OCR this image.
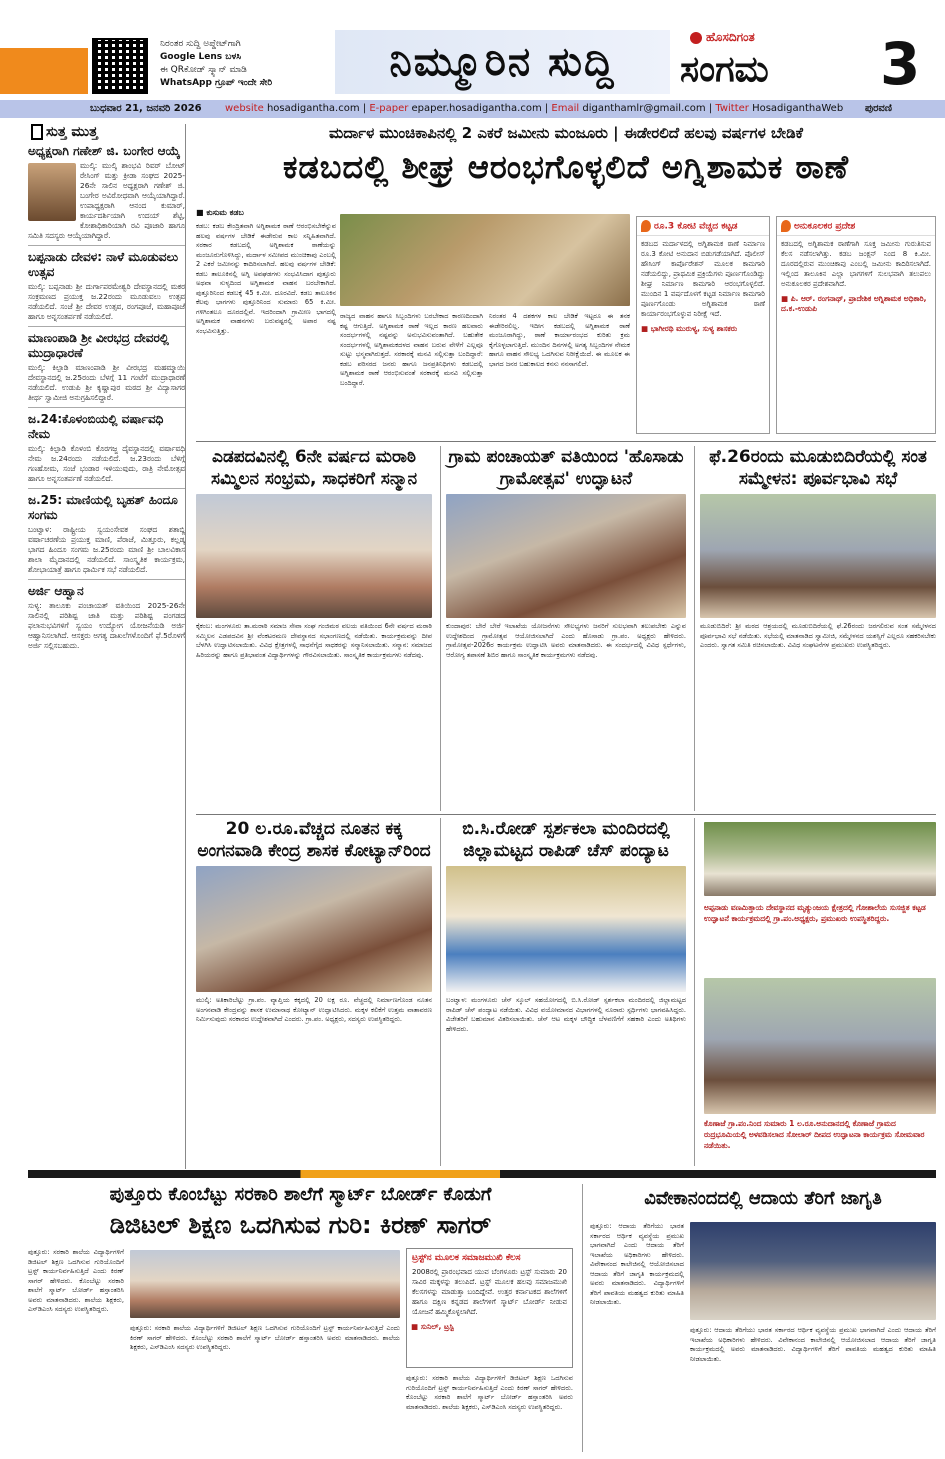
ನಿರಂತರ ಸುದ್ದಿ ಅಪ್ಡೇಟ್‌ಗಾಗಿ
Google Lens ಬಳಸಿ
ಈ QRಕೋಡ್ ಸ್ಕ್ಯಾನ್ ಮಾಡಿ
WhatsApp ಗ್ರೂಪ್ ಇಂದೇ ಸೇರಿ	ನಿಮ್ಮೂರಿನ ಸುದ್ದಿ
ಹೊಸದಿಗಂತ
ಸಂಗಮ 3
ಬುಧವಾರ 21, ಜನವರಿ 2026 website hosadigantha.com | E-paper epaper.hosadigantha.com | Email diganthamlr@gmail.com | Twitter HosadiganthaWeb ಪುರವಣಿ
ಸುತ್ತ ಮುತ್ತ
ಅಧ್ಯಕ್ಷರಾಗಿ ಗಣೇಶ್ ಜಿ. ಬಂಗೇರ ಆಯ್ಕೆ
ಮುಲ್ಕಿ: ಮುಲ್ಕಿ ಶಾಂಭವಿ ರಿವರ್ ಬೋಟ್ ರೇಸಿಂಗ್ ಮತ್ತು ಕ್ರೀಡಾ ಸಂಘದ 2025-26ನೇ ಸಾಲಿನ ಅಧ್ಯಕ್ಷರಾಗಿ ಗಣೇಶ್ ಜಿ. ಬಂಗೇರ ಅವಿರೋಧವಾಗಿ ಆಯ್ಕೆಯಾಗಿದ್ದಾರೆ. ಉಪಾಧ್ಯಕ್ಷರಾಗಿ ಆನಂದ ಕುಮಾರ್, ಕಾರ್ಯದರ್ಶಿಯಾಗಿ ಉದಯ್ ಶೆಟ್ಟಿ, ಕೋಶಾಧಿಕಾರಿಯಾಗಿ ರವಿ ಪೂಜಾರಿ ಹಾಗೂ ಸಮಿತಿ ಸದಸ್ಯರು ಆಯ್ಕೆಯಾಗಿದ್ದಾರೆ.
ಬಪ್ಪನಾಡು ದೇವಳ: ನಾಳೆ ಮೂಡುವಲು ಉತ್ಸವ
ಮುಲ್ಕಿ: ಬಪ್ಪನಾಡು ಶ್ರೀ ದುರ್ಗಾಪರಮೇಶ್ವರಿ ದೇವಸ್ಥಾನದಲ್ಲಿ ಮಕರ ಸಂಕ್ರಮಣದ ಪ್ರಯುಕ್ತ ಜ.22ರಂದು ಮೂಡುವಲು ಉತ್ಸವ ನಡೆಯಲಿದೆ. ಸಂಜೆ ಶ್ರೀ ದೇವರ ಉತ್ಸವ, ರಂಗಪೂಜೆ, ಮಹಾಪೂಜೆ ಹಾಗೂ ಅನ್ನಸಂತರ್ಪಣೆ ನಡೆಯಲಿದೆ.
ಮಾಣಂಪಾಡಿ ಶ್ರೀ ವೀರಭದ್ರ ದೇವರಲ್ಲಿ ಮುದ್ರಾಧಾರಣೆ
ಮುಲ್ಕಿ: ಕಿಲ್ಪಾಡಿ ಮಾಣಂಪಾಡಿ ಶ್ರೀ ವೀರಭದ್ರ ಮಹಮ್ಮಾಯಿ ದೇವಸ್ಥಾನದಲ್ಲಿ ಜ.25ರಂದು ಬೆಳಗ್ಗೆ 11 ಗಂಟೆಗೆ ಮುದ್ರಾಧಾರಣೆ ನಡೆಯಲಿದೆ. ಉಡುಪಿ ಶ್ರೀ ಕೃಷ್ಣಾಪುರ ಮಠದ ಶ್ರೀ ವಿದ್ಯಾಸಾಗರ ತೀರ್ಥ ಸ್ವಾಮೀಜಿ ಅನುಗ್ರಹಿಸಲಿದ್ದಾರೆ.
ಜ.24:ಕೊಳಂಬಿಯಲ್ಲಿ ವರ್ಷಾವಧಿ ನೇಮ
ಮುಲ್ಕಿ: ಕಿಲ್ಪಾಡಿ ಕೊಳಂಬಿ ಕೊರಗಜ್ಜ ದೈವಸ್ಥಾನದಲ್ಲಿ ವರ್ಷಾವಧಿ ನೇಮ ಜ.24ರಂದು ನಡೆಯಲಿದೆ. ಜ.23ರಂದು ಬೆಳಿಗ್ಗೆ ಗಣಹೋಮ, ಸಂಜೆ ಭಂಡಾರ ಇಳಿಯುವುದು, ರಾತ್ರಿ ನೇಮೋತ್ಸವ ಹಾಗೂ ಅನ್ನಸಂತರ್ಪಣೆ ನಡೆಯಲಿದೆ.
ಜ.25: ಮಾಣಿಯಲ್ಲಿ ಬೃಹತ್ ಹಿಂದೂ ಸಂಗಮ
ಬಂಟ್ವಾಳ: ರಾಷ್ಟ್ರೀಯ ಸ್ವಯಂಸೇವಕ ಸಂಘದ ಶತಾಬ್ದಿ ವರ್ಷಾಚರಣೆಯ ಪ್ರಯುಕ್ತ ಮಾಣಿ, ಪೆರಾಜೆ, ಮಿತ್ತೂರು, ಕಲ್ಲಡ್ಕ ಭಾಗದ ಹಿಂದೂ ಸಂಗಮ ಜ.25ರಂದು ಮಾಣಿ ಶ್ರೀ ಬಾಲವಿಕಾಸ ಶಾಲಾ ಮೈದಾನದಲ್ಲಿ ನಡೆಯಲಿದೆ. ಸಾಂಸ್ಕೃತಿಕ ಕಾರ್ಯಕ್ರಮ, ಶೋಭಾಯಾತ್ರೆ ಹಾಗೂ ಧಾರ್ಮಿಕ ಸಭೆ ನಡೆಯಲಿದೆ.
ಅರ್ಜಿ ಆಹ್ವಾನ
ಸುಳ್ಯ: ತಾಲೂಕು ಪಂಚಾಯತ್ ವತಿಯಿಂದ 2025-26ನೇ ಸಾಲಿನಲ್ಲಿ ಪರಿಶಿಷ್ಟ ಜಾತಿ ಮತ್ತು ಪರಿಶಿಷ್ಟ ಪಂಗಡದ ಫಲಾನುಭವಿಗಳಿಗೆ ಸ್ವಯಂ ಉದ್ಯೋಗ ಯೋಜನೆಯಡಿ ಅರ್ಜಿ ಆಹ್ವಾನಿಸಲಾಗಿದೆ. ಆಸಕ್ತರು ಅಗತ್ಯ ದಾಖಲೆಗಳೊಂದಿಗೆ ಫೆ.5ರೊಳಗೆ ಅರ್ಜಿ ಸಲ್ಲಿಸಬಹುದು.
ಮರ್ದಾಳ ಮುಂಚಿಕಾಪಿನಲ್ಲಿ 2 ಎಕರೆ ಜಮೀನು ಮಂಜೂರು | ಈಡೇರಲಿದೆ ಹಲವು ವರ್ಷಗಳ ಬೇಡಿಕೆ
ಕಡಬದಲ್ಲಿ ಶೀಘ್ರ ಆರಂಭಗೊಳ್ಳಲಿದೆ ಅಗ್ನಿಶಾಮಕ ಠಾಣೆ
■ ಕುಸುಮ ಕಡಬ
ಕಡಬ: ಕಡಬ ಕೇಂದ್ರಿತವಾಗಿ ಅಗ್ನಿಶಾಮಕ ಠಾಣೆ ಆರಂಭಿಸಬೇಕೆನ್ನುವ ಹಲವು ವರ್ಷಗಳ ಬೇಡಿಕೆ ಈಡೇರುವ ಕಾಲ ಸನ್ನಿಹಿತವಾಗಿದೆ. ಸರಕಾರ ಕಡಬದಲ್ಲಿ ಅಗ್ನಿಶಾಮಕ ಠಾಣೆಯನ್ನು ಮಂಜೂರುಗೊಳಿಸಿದ್ದು, ಮರ್ದಾಳ ಸಮೀಪದ ಮುಂಚಿಕಾಪು ಎಂಬಲ್ಲಿ 2 ಎಕರೆ ಜಮೀನನ್ನು ಕಾದಿರಿಸಲಾಗಿದೆ. ಹಲವು ವರ್ಷಗಳ ಬೇಡಿಕೆ: ಕಡಬ ತಾಲೂಕಿನಲ್ಲಿ ಅಗ್ನಿ ಅವಘಡಗಳು ಸಂಭವಿಸಿದಾಗ ಪುತ್ತೂರು ಅಥವಾ ಸುಳ್ಯದಿಂದ ಅಗ್ನಿಶಾಮಕ ವಾಹನ ಬರಬೇಕಾಗಿದೆ. ಪುತ್ತೂರಿನಿಂದ ಕಡಬಕ್ಕೆ 45 ಕಿ.ಮೀ. ದೂರವಿದೆ. ಕಡಬ ತಾಲೂಕಿನ ಕೆಲವು ಭಾಗಗಳು ಪುತ್ತೂರಿನಿಂದ ಸುಮಾರು 65 ಕಿ.ಮೀ. ಗಳಿಗಿಂತಲೂ ದೂರದಲ್ಲಿವೆ. ಇದರಿಂದಾಗಿ ಗ್ರಾಮೀಣ ಭಾಗದಲ್ಲಿ ಅಗ್ನಿಶಾಮಕ ವಾಹನಗಳು ಬರುವಷ್ಟರಲ್ಲಿ ಅಪಾರ ನಷ್ಟ ಸಂಭವಿಸುತ್ತಿತ್ತು.
ರಾಜ್ಯದ ವಾಹನ ಹಾಗೂ ಸಿಬ್ಬಂದಿಗಳು ಬರಬೇಕಾದ ಕಾರಣದಿಂದಾಗಿ ಕಷ್ಟ ಆಗುತ್ತಿದೆ. ಅಗ್ನಿಶಾಮಕ ಠಾಣೆ ಇಲ್ಲದ ಕಾರಣ ಹಲವಾರು ಸಂದರ್ಭಗಳಲ್ಲಿ ನಷ್ಟವನ್ನು ಅನುಭವಿಸುವಂತಾಗಿದೆ. ಬಹುತೇಕ ಸಂದರ್ಭಗಳಲ್ಲಿ ಅಗ್ನಿಶಾಮಕದಳದ ವಾಹನ ಬರುವ ವೇಳೆಗೆ ಎಲ್ಲವೂ ಸುಟ್ಟು ಭಸ್ಮವಾಗಿರುತ್ತದೆ. ಸರಕಾರಕ್ಕೆ ಮನವಿ ಸಲ್ಲಿಸುತ್ತಾ ಬಂದಿದ್ದಾರೆ: ಕಡಬ ಪರಿಸರದ ಜನರು ಹಾಗೂ ಜನಪ್ರತಿನಿಧಿಗಳು ಕಡಬದಲ್ಲಿ ಅಗ್ನಿಶಾಮಕ ಠಾಣೆ ಆರಂಭಿಸುವಂತೆ ಸರಕಾರಕ್ಕೆ ಮನವಿ ಸಲ್ಲಿಸುತ್ತಾ ಬಂದಿದ್ದಾರೆ.
ನಿರಂತರ 4 ದಶಕಗಳ ಕಾಲ ಬೇಡಿಕೆ ಇಟ್ಟರೂ ಈ ತನಕ ಈಡೇರಿರಲಿಲ್ಲ. ಇದೀಗ ಕಡಬದಲ್ಲಿ ಅಗ್ನಿಶಾಮಕ ಠಾಣೆ ಮಂಜೂರಾಗಿದ್ದು, ಠಾಣೆ ಕಾರ್ಯಾರಂಭದ ಕುರಿತು ಕ್ರಮ ಕೈಗೊಳ್ಳಲಾಗುತ್ತಿದೆ. ಮುಂದಿನ ದಿನಗಳಲ್ಲಿ ಅಗತ್ಯ ಸಿಬ್ಬಂದಿಗಳ ನೇಮಕ ಹಾಗೂ ವಾಹನ ಸೌಲಭ್ಯ ಒದಗಿಸುವ ನಿರೀಕ್ಷೆಯಿದೆ. ಈ ಮೂಲಕ ಈ ಭಾಗದ ಜನರ ಬಹುಕಾಲದ ಕನಸು ನನಸಾಗಲಿದೆ.
ರೂ.3 ಕೋಟಿ ವೆಚ್ಚದ ಕಟ್ಟಡ
ಕಡಬದ ಮರ್ದಾಳದಲ್ಲಿ ಅಗ್ನಿಶಾಮಕ ಠಾಣೆ ನಿರ್ಮಾಣ ರೂ.3 ಕೋಟಿ ಅನುದಾನ ಬಿಡುಗಡೆಯಾಗಿದೆ. ಪೊಲೀಸ್ ಹೌಸಿಂಗ್ ಕಾರ್ಪೊರೇಶನ್ ಮೂಲಕ ಕಾಮಗಾರಿ ನಡೆಯಲಿದ್ದು, ಪ್ರಾಥಮಿಕ ಪ್ರಕ್ರಿಯೆಗಳು ಪೂರ್ಣಗೊಂಡಿದ್ದು ಶೀಘ್ರ ನಿರ್ಮಾಣ ಕಾಮಗಾರಿ ಆರಂಭಗೊಳ್ಳಲಿದೆ. ಮುಂದಿನ 1 ವರ್ಷದೊಳಗೆ ಕಟ್ಟಡ ನಿರ್ಮಾಣ ಕಾಮಗಾರಿ ಪೂರ್ಣಗೊಂಡು ಅಗ್ನಿಶಾಮಕ ಠಾಣೆ ಕಾರ್ಯಾರಂಭಗೊಳ್ಳುವ ನಿರೀಕ್ಷೆ ಇದೆ.
■ ಭಾಗೀರಥಿ ಮುರುಳ್ಯ, ಸುಳ್ಯ ಶಾಸಕರು
ಅನುಕೂಲಕರ ಪ್ರದೇಶ
ಕಡಬದಲ್ಲಿ ಅಗ್ನಿಶಾಮಕ ಠಾಣೆಗಾಗಿ ಸೂಕ್ತ ಜಮೀನು ಗುರುತಿಸುವ ಕೆಲಸ ನಡೆಸಲಾಗಿತ್ತು. ಕಡಬ ಜಂಕ್ಷನ್ ನಿಂದ 8 ಕಿ.ಮೀ. ದೂರದಲ್ಲಿರುವ ಮುಂಚಿಕಾಪು ಎಂಬಲ್ಲಿ ಜಮೀನು ಕಾದಿರಿಸಲಾಗಿದೆ. ಇಲ್ಲಿಂದ ತಾಲೂಕಿನ ಎಲ್ಲಾ ಭಾಗಗಳಿಗೆ ಸುಲಭವಾಗಿ ತಲುಪಲು ಅನುಕೂಲಕರ ಪ್ರದೇಶವಾಗಿದೆ.
■ ಪಿ. ಆರ್. ರಂಗನಾಥ್, ಪ್ರಾದೇಶಿಕ ಅಗ್ನಿಶಾಮಕ ಅಧಿಕಾರಿ, ದ.ಕ.-ಉಡುಪಿ
ಎಡಪದವಿನಲ್ಲಿ 6ನೇ ವರ್ಷದ ಮರಾಠಿ ಸಮ್ಮಿಲನ ಸಂಭ್ರಮ, ಸಾಧಕರಿಗೆ ಸನ್ಮಾನ
ಕೈಕಂಬ: ಮಂಗಳೂರು ತಾ.ಮರಾಠಿ ಸಮಾಜ ಸೇವಾ ಸಂಘ ಗಂಜಿಮಠ ವಲಯ ವತಿಯಿಂದ 6ನೇ ವರ್ಷದ ಮರಾಠಿ ಸಮ್ಮಿಲನ ಎಡಪದವಿನ ಶ್ರೀ ವೆಂಕಟರಮಣ ದೇವಸ್ಥಾನದ ಸಭಾಂಗಣದಲ್ಲಿ ನಡೆಯಿತು. ಕಾರ್ಯಕ್ರಮವನ್ನು ದೀಪ ಬೆಳಗಿಸಿ ಉದ್ಘಾಟಿಸಲಾಯಿತು. ವಿವಿಧ ಕ್ಷೇತ್ರಗಳಲ್ಲಿ ಸಾಧನೆಗೈದ ಸಾಧಕರನ್ನು ಸನ್ಮಾನಿಸಲಾಯಿತು. ಸನ್ಮಾನ: ಸಮಾಜದ ಹಿರಿಯರನ್ನು ಹಾಗೂ ಪ್ರತಿಭಾವಂತ ವಿದ್ಯಾರ್ಥಿಗಳನ್ನು ಗೌರವಿಸಲಾಯಿತು. ಸಾಂಸ್ಕೃತಿಕ ಕಾರ್ಯಕ್ರಮಗಳು ನಡೆದವು.
ಗ್ರಾಮ ಪಂಚಾಯತ್ ವತಿಯಿಂದ 'ಹೊಸಾಡು ಗ್ರಾಮೋತ್ಸವ' ಉದ್ಘಾಟನೆ
ಕುಂದಾಪುರ: ಬೇರೆ ಬೇರೆ ಇಲಾಖೆಯ ಯೋಜನೆಗಳು ಸೌಲಭ್ಯಗಳು ಜನರಿಗೆ ಸುಲಭವಾಗಿ ತಲುಪಬೇಕು ಎನ್ನುವ ಉದ್ದೇಶದಿಂದ ಗ್ರಾಮೋತ್ಸವ ಆಯೋಜಿಸಲಾಗಿದೆ ಎಂದು ಹೊಸಾಡು ಗ್ರಾ.ಪಂ. ಅಧ್ಯಕ್ಷರು ಹೇಳಿದರು. ಗ್ರಾಮೋತ್ಸವ-2026ರ ಕಾರ್ಯಕ್ರಮ ಉದ್ಘಾಟಿಸಿ ಅವರು ಮಾತನಾಡಿದರು. ಈ ಸಂದರ್ಭದಲ್ಲಿ ವಿವಿಧ ಸ್ಪರ್ಧೆಗಳು, ಆರೋಗ್ಯ ತಪಾಸಣೆ ಶಿಬಿರ ಹಾಗೂ ಸಾಂಸ್ಕೃತಿಕ ಕಾರ್ಯಕ್ರಮಗಳು ನಡೆದವು.
ಫೆ.26ರಂದು ಮೂಡುಬಿದಿರೆಯಲ್ಲಿ ಸಂತ ಸಮ್ಮೇಳನ: ಪೂರ್ವಭಾವಿ ಸಭೆ
ಮೂಡುಬಿದಿರೆ: ಶ್ರೀ ಮಠದ ಆಶ್ರಯದಲ್ಲಿ ಮೂಡುಬಿದಿರೆಯಲ್ಲಿ ಫೆ.26ರಂದು ಜರಗಲಿರುವ ಸಂತ ಸಮ್ಮೇಳನದ ಪೂರ್ವಭಾವಿ ಸಭೆ ನಡೆಯಿತು. ಸಭೆಯಲ್ಲಿ ಮಾತನಾಡಿದ ಸ್ವಾಮೀಜಿ, ಸಮ್ಮೇಳನದ ಯಶಸ್ಸಿಗೆ ಎಲ್ಲರೂ ಸಹಕರಿಸಬೇಕು ಎಂದರು. ಸ್ವಾಗತ ಸಮಿತಿ ರಚಿಸಲಾಯಿತು. ವಿವಿಧ ಸಂಘಟನೆಗಳ ಪ್ರಮುಖರು ಉಪಸ್ಥಿತರಿದ್ದರು.
20 ಲ.ರೂ.ವೆಚ್ಚದ ನೂತನ ಕಕ್ಕ ಅಂಗನವಾಡಿ ಕೇಂದ್ರ ಶಾಸಕ ಕೋಟ್ಯಾನ್‌ರಿಂದ
ಮುಲ್ಕಿ: ಅತಿಕಾರಿಬೆಟ್ಟು ಗ್ರಾ.ಪಂ. ವ್ಯಾಪ್ತಿಯ ಕಕ್ಕದಲ್ಲಿ 20 ಲಕ್ಷ ರೂ. ವೆಚ್ಚದಲ್ಲಿ ನಿರ್ಮಾಣಗೊಂಡ ನೂತನ ಅಂಗನವಾಡಿ ಕೇಂದ್ರವನ್ನು ಶಾಸಕ ಉಮಾನಾಥ ಕೋಟ್ಯಾನ್ ಉದ್ಘಾಟಿಸಿದರು. ಮಕ್ಕಳ ಕಲಿಕೆಗೆ ಉತ್ತಮ ವಾತಾವರಣ ನಿರ್ಮಿಸುವುದು ಸರಕಾರದ ಉದ್ದೇಶವಾಗಿದೆ ಎಂದರು. ಗ್ರಾ.ಪಂ. ಅಧ್ಯಕ್ಷರು, ಸದಸ್ಯರು ಉಪಸ್ಥಿತರಿದ್ದರು.
ಬಿ.ಸಿ.ರೋಡ್ ಸ್ಪರ್ಶಕಲಾ ಮಂದಿರದಲ್ಲಿ ಜಿಲ್ಲಾಮಟ್ಟದ ರಾಪಿಡ್ ಚೆಸ್ ಪಂದ್ಯಾಟ
ಬಂಟ್ವಾಳ: ಮಂಗಳೂರು ಚೆಸ್ ಸ್ಕೂಲ್ ಸಹಯೋಗದಲ್ಲಿ ಬಿ.ಸಿ.ರೋಡ್ ಸ್ಪರ್ಶಕಲಾ ಮಂದಿರದಲ್ಲಿ ಜಿಲ್ಲಾಮಟ್ಟದ ರಾಪಿಡ್ ಚೆಸ್ ಪಂದ್ಯಾಟ ನಡೆಯಿತು. ವಿವಿಧ ವಯೋಮಾನದ ವಿಭಾಗಗಳಲ್ಲಿ ನೂರಾರು ಸ್ಪರ್ಧಿಗಳು ಭಾಗವಹಿಸಿದ್ದರು. ವಿಜೇತರಿಗೆ ಬಹುಮಾನ ವಿತರಿಸಲಾಯಿತು. ಚೆಸ್ ಆಟ ಮಕ್ಕಳ ಬೌದ್ಧಿಕ ಬೆಳವಣಿಗೆಗೆ ಸಹಕಾರಿ ಎಂದು ಅತಿಥಿಗಳು ಹೇಳಿದರು.
ಅಪ್ಪನಾಡು ವಣಮಿತ್ತಾಯ ದೇವಸ್ಥಾನದ ಮೃತ್ಯುಂಜಯ ಕ್ಷೇತ್ರದಲ್ಲಿ ಗೋಶಾಲೆಯ ಸುಸಜ್ಜಿತ ಕಟ್ಟಡ ಉದ್ಘಾಟನೆ ಕಾರ್ಯಕ್ರಮದಲ್ಲಿ ಗ್ರಾ.ಪಂ.ಅಧ್ಯಕ್ಷರು, ಪ್ರಮುಖರು ಉಪಸ್ಥಿತರಿದ್ದರು.
ಕೊಣಾಜೆ ಗ್ರಾ.ಪಂ.ನಿಂದ ಸುಮಾರು 1 ಲ.ರೂ.ಅನುದಾನದಲ್ಲಿ ಕೊಣಾಜೆ ಗ್ರಾಮದ ರುದ್ರಭೂಮಿಯಲ್ಲಿ ಅಳವಡಿಸಲಾದ ಸೋಲಾರ್ ದೀಪದ ಉದ್ಘಾಟನಾ ಕಾರ್ಯಕ್ರಮ ಸೋಮವಾರ ನಡೆಯಿತು.
ಪುತ್ತೂರು ಕೊಂಬೆಟ್ಟು ಸರಕಾರಿ ಶಾಲೆಗೆ ಸ್ಮಾರ್ಟ್ ಬೋರ್ಡ್ ಕೊಡುಗೆ
ಡಿಜಿಟಲ್ ಶಿಕ್ಷಣ ಒದಗಿಸುವ ಗುರಿ: ಕಿರಣ್ ಸಾಗರ್
ಪುತ್ತೂರು: ಸರಕಾರಿ ಶಾಲೆಯ ವಿದ್ಯಾರ್ಥಿಗಳಿಗೆ ಡಿಜಿಟಲ್ ಶಿಕ್ಷಣ ಒದಗಿಸುವ ಗುರಿಯೊಂದಿಗೆ ಟ್ರಸ್ಟ್ ಕಾರ್ಯನಿರ್ವಹಿಸುತ್ತಿದೆ ಎಂದು ಕಿರಣ್ ಸಾಗರ್ ಹೇಳಿದರು. ಕೊಂಬೆಟ್ಟು ಸರಕಾರಿ ಶಾಲೆಗೆ ಸ್ಮಾರ್ಟ್ ಬೋರ್ಡ್ ಹಸ್ತಾಂತರಿಸಿ ಅವರು ಮಾತನಾಡಿದರು. ಶಾಲೆಯ ಶಿಕ್ಷಕರು, ಎಸ್‌ಡಿಎಂಸಿ ಸದಸ್ಯರು ಉಪಸ್ಥಿತರಿದ್ದರು.
ಪುತ್ತೂರು: ಸರಕಾರಿ ಶಾಲೆಯ ವಿದ್ಯಾರ್ಥಿಗಳಿಗೆ ಡಿಜಿಟಲ್ ಶಿಕ್ಷಣ ಒದಗಿಸುವ ಗುರಿಯೊಂದಿಗೆ ಟ್ರಸ್ಟ್ ಕಾರ್ಯನಿರ್ವಹಿಸುತ್ತಿದೆ ಎಂದು ಕಿರಣ್ ಸಾಗರ್ ಹೇಳಿದರು. ಕೊಂಬೆಟ್ಟು ಸರಕಾರಿ ಶಾಲೆಗೆ ಸ್ಮಾರ್ಟ್ ಬೋರ್ಡ್ ಹಸ್ತಾಂತರಿಸಿ ಅವರು ಮಾತನಾಡಿದರು. ಶಾಲೆಯ ಶಿಕ್ಷಕರು, ಎಸ್‌ಡಿಎಂಸಿ ಸದಸ್ಯರು ಉಪಸ್ಥಿತರಿದ್ದರು.
ಟ್ರಸ್ಟ್‌ನ ಮೂಲಕ ಸಮಾಜಮುಖಿ ಕೆಲಸ
2008ರಲ್ಲಿ ಪ್ರಾರಂಭವಾದ ಯುವ ಬೆಂಗಳೂರು ಟ್ರಸ್ಟ್ ಸುಮಾರು 20 ಸಾವಿರ ಮಕ್ಕಳನ್ನು ತಲುಪಿದೆ. ಟ್ರಸ್ಟ್ ಮೂಲಕ ಹಲವು ಸಮಾಜಮುಖಿ ಕೆಲಸಗಳನ್ನು ಮಾಡುತ್ತಾ ಬಂದಿದ್ದೇವೆ. ಉತ್ತರ ಕರ್ನಾಟಕದ ಶಾಲೆಗಳಿಗೆ ಹಾಗೂ ದಕ್ಷಿಣ ಕನ್ನಡದ ಶಾಲೆಗಳಿಗೆ ಸ್ಮಾರ್ಟ್ ಬೋರ್ಡ್ ನೀಡುವ ಯೋಜನೆ ಹಮ್ಮಿಕೊಳ್ಳಲಾಗಿದೆ.
■ ಸುನಿಲ್, ಟ್ರಸ್ಟಿ
ಪುತ್ತೂರು: ಸರಕಾರಿ ಶಾಲೆಯ ವಿದ್ಯಾರ್ಥಿಗಳಿಗೆ ಡಿಜಿಟಲ್ ಶಿಕ್ಷಣ ಒದಗಿಸುವ ಗುರಿಯೊಂದಿಗೆ ಟ್ರಸ್ಟ್ ಕಾರ್ಯನಿರ್ವಹಿಸುತ್ತಿದೆ ಎಂದು ಕಿರಣ್ ಸಾಗರ್ ಹೇಳಿದರು. ಕೊಂಬೆಟ್ಟು ಸರಕಾರಿ ಶಾಲೆಗೆ ಸ್ಮಾರ್ಟ್ ಬೋರ್ಡ್ ಹಸ್ತಾಂತರಿಸಿ ಅವರು ಮಾತನಾಡಿದರು. ಶಾಲೆಯ ಶಿಕ್ಷಕರು, ಎಸ್‌ಡಿಎಂಸಿ ಸದಸ್ಯರು ಉಪಸ್ಥಿತರಿದ್ದರು.
ವಿವೇಕಾನಂದದಲ್ಲಿ ಆದಾಯ ತೆರಿಗೆ ಜಾಗೃತಿ
ಪುತ್ತೂರು: ಆದಾಯ ತೆರಿಗೆಯು ಭಾರತ ಸರ್ಕಾರದ ಆರ್ಥಿಕ ವ್ಯವಸ್ಥೆಯ ಪ್ರಮುಖ ಭಾಗವಾಗಿದೆ ಎಂದು ಆದಾಯ ತೆರಿಗೆ ಇಲಾಖೆಯ ಅಧಿಕಾರಿಗಳು ಹೇಳಿದರು. ವಿವೇಕಾನಂದ ಕಾಲೇಜಿನಲ್ಲಿ ಆಯೋಜಿಸಲಾದ ಆದಾಯ ತೆರಿಗೆ ಜಾಗೃತಿ ಕಾರ್ಯಕ್ರಮದಲ್ಲಿ ಅವರು ಮಾತನಾಡಿದರು. ವಿದ್ಯಾರ್ಥಿಗಳಿಗೆ ತೆರಿಗೆ ಪಾವತಿಯ ಮಹತ್ವದ ಕುರಿತು ಮಾಹಿತಿ ನೀಡಲಾಯಿತು.
ಪುತ್ತೂರು: ಆದಾಯ ತೆರಿಗೆಯು ಭಾರತ ಸರ್ಕಾರದ ಆರ್ಥಿಕ ವ್ಯವಸ್ಥೆಯ ಪ್ರಮುಖ ಭಾಗವಾಗಿದೆ ಎಂದು ಆದಾಯ ತೆರಿಗೆ ಇಲಾಖೆಯ ಅಧಿಕಾರಿಗಳು ಹೇಳಿದರು. ವಿವೇಕಾನಂದ ಕಾಲೇಜಿನಲ್ಲಿ ಆಯೋಜಿಸಲಾದ ಆದಾಯ ತೆರಿಗೆ ಜಾಗೃತಿ ಕಾರ್ಯಕ್ರಮದಲ್ಲಿ ಅವರು ಮಾತನಾಡಿದರು. ವಿದ್ಯಾರ್ಥಿಗಳಿಗೆ ತೆರಿಗೆ ಪಾವತಿಯ ಮಹತ್ವದ ಕುರಿತು ಮಾಹಿತಿ ನೀಡಲಾಯಿತು.
